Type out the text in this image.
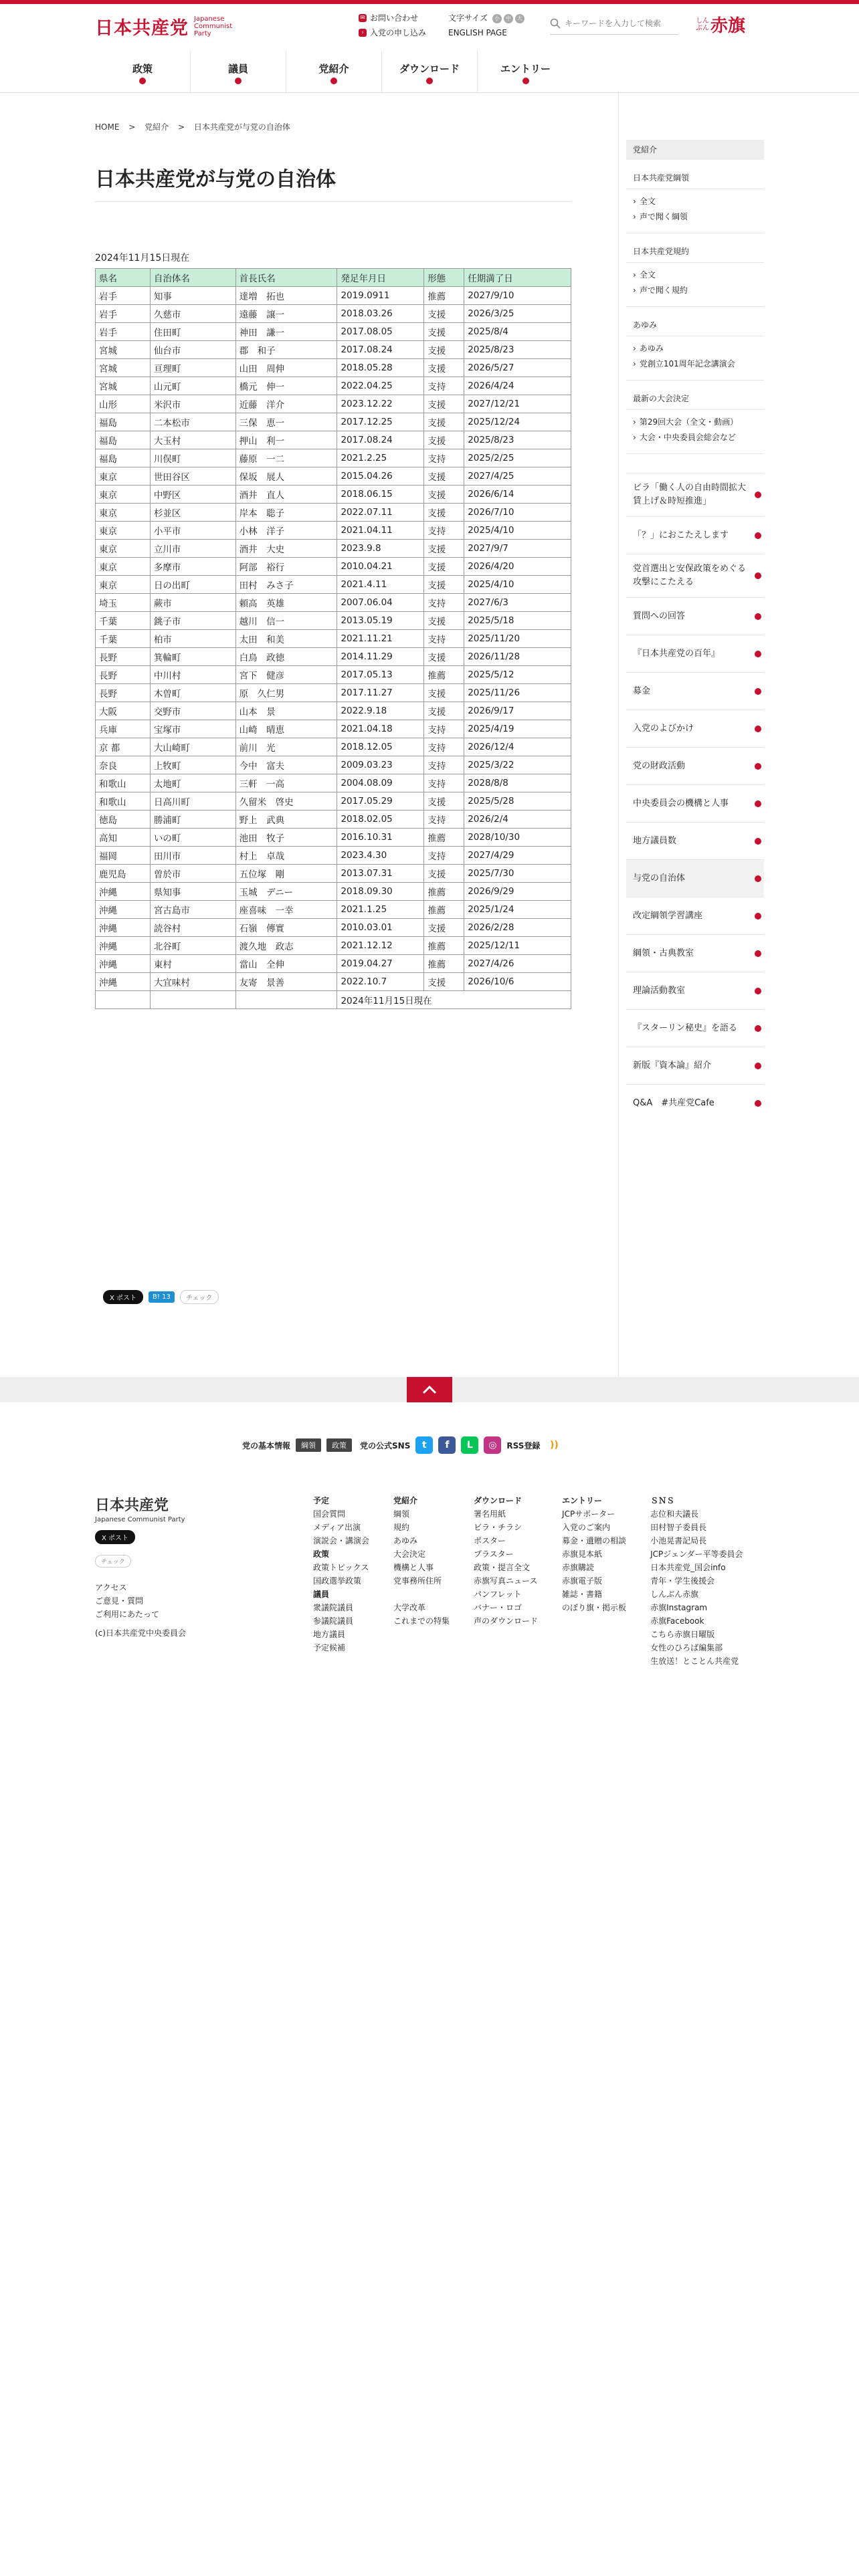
日本共産党 Japanese Communist Party
✉ お問い合わせ
› 入党の申し込み
文字サイズ 小 中 大
ENGLISH PAGE
キーワードを入力して検索
しんぶん 赤旗
政策	議員	党紹介	ダウンロード	エントリー
HOME > 党紹介 > 日本共産党が与党の自治体
日本共産党が与党の自治体
2024年11月15日現在
県名	自治体名	首長氏名	発足年月日	形態	任期満了日
岩手	知事	達増　拓也	2019.0911	推薦	2027/9/10
岩手	久慈市	遠藤　譲一	2018.03.26	支援	2026/3/25
岩手	住田町	神田　謙一	2017.08.05	支援	2025/8/4
宮城	仙台市	郡　和子	2017.08.24	支援	2025/8/23
宮城	亘理町	山田　周伸	2018.05.28	支援	2026/5/27
宮城	山元町	橋元　伸一	2022.04.25	支持	2026/4/24
山形	米沢市	近藤　洋介	2023.12.22	支援	2027/12/21
福島	二本松市	三保　恵一	2017.12.25	支援	2025/12/24
福島	大玉村	押山　利一	2017.08.24	支援	2025/8/23
福島	川俣町	藤原　一二	2021.2.25	支持	2025/2/25
東京	世田谷区	保坂　展人	2015.04.26	支援	2027/4/25
東京	中野区	酒井　直人	2018.06.15	支援	2026/6/14
東京	杉並区	岸本　聡子	2022.07.11	支援	2026/7/10
東京	小平市	小林　洋子	2021.04.11	支持	2025/4/10
東京	立川市	酒井　大史	2023.9.8	支援	2027/9/7
東京	多摩市	阿部　裕行	2010.04.21	支援	2026/4/20
東京	日の出町	田村　みさ子	2021.4.11	支援	2025/4/10
埼玉	蕨市	頼高　英雄	2007.06.04	支持	2027/6/3
千葉	銚子市	越川　信一	2013.05.19	支援	2025/5/18
千葉	柏市	太田　和美	2021.11.21	支持	2025/11/20
長野	箕輪町	白鳥　政徳	2014.11.29	支援	2026/11/28
長野	中川村	宮下　健彦	2017.05.13	推薦	2025/5/12
長野	木曽町	原　久仁男	2017.11.27	支援	2025/11/26
大阪	交野市	山本　景	2022.9.18	支援	2026/9/17
兵庫	宝塚市	山崎　晴恵	2021.04.18	支持	2025/4/19
京 都	大山崎町	前川　光	2018.12.05	支持	2026/12/4
奈良	上牧町	今中　富夫	2009.03.23	支持	2025/3/22
和歌山	太地町	三軒　一高	2004.08.09	支持	2028/8/8
和歌山	日高川町	久留米　啓史	2017.05.29	支援	2025/5/28
徳島	勝浦町	野上　武典	2018.02.05	支持	2026/2/4
高知	いの町	池田　牧子	2016.10.31	推薦	2028/10/30
福岡	田川市	村上　卓哉	2023.4.30	支持	2027/4/29
鹿児島	曽於市	五位塚　剛	2013.07.31	支援	2025/7/30
沖縄	県知事	玉城　デニー	2018.09.30	推薦	2026/9/29
沖縄	宮古島市	座喜味　一幸	2021.1.25	推薦	2025/1/24
沖縄	読谷村	石嶺　傳實	2010.03.01	支援	2026/2/28
沖縄	北谷町	渡久地　政志	2021.12.12	推薦	2025/12/11
沖縄	東村	當山　全伸	2019.04.27	推薦	2027/4/26
沖縄	大宜味村	友寄　景善	2022.10.7	支援	2026/10/6
			2024年11月15日現在		
X ポスト	B! 13	チェック
党紹介
日本共産党綱領
› 全文
› 声で聞く綱領
日本共産党規約
› 全文
› 声で聞く規約
あゆみ
› あゆみ
› 党創立101周年記念講演会
最新の大会決定
› 第29回大会（全文・動画）
› 大会・中央委員会総会など
ビラ「働く人の自由時間拡大 賃上げ＆時短推進」
「？」におこたえします
党首選出と安保政策をめぐる攻撃にこたえる
質問への回答
『日本共産党の百年』
募金
入党のよびかけ
党の財政活動
中央委員会の機構と人事
地方議員数
与党の自治体
改定綱領学習講座
綱領・古典教室
理論活動教室
『スターリン秘史』を語る
新版『資本論』紹介
Q&A　#共産党Cafe
党の基本情報	綱領	政策	党の公式SNS	t	f	L	◎	RSS登録	))
日本共産党
Japanese Communist Party
X ポスト
チェック
アクセス
ご意見・質問
ご利用にあたって
(c)日本共産党中央委員会
予定
国会質問
メディア出演
演説会・講演会
政策
政策トピックス
国政選挙政策
議員
衆議院議員
参議院議員
地方議員
予定候補
党紹介
綱領
規約
あゆみ
大会決定
機構と人事
党事務所住所
大学改革
これまでの特集
ダウンロード
署名用紙
ビラ・チラシ
ポスター
プラスター
政策・提言全文
赤旗写真ニュース
パンフレット
バナー・ロゴ
声のダウンロード
エントリー
JCPサポーター
入党のご案内
募金・遺贈の相談
赤旗見本紙
赤旗購読
赤旗電子版
雑誌・書籍
のぼり旗・掲示板
ＳＮＳ
志位和夫議長
田村智子委員長
小池晃書記局長
JCPジェンダー平等委員会
日本共産党_国会info
青年・学生後援会
しんぶん赤旗
赤旗Instagram
赤旗Facebook
こちら赤旗日曜版
女性のひろば編集部
生放送！とことん共産党
